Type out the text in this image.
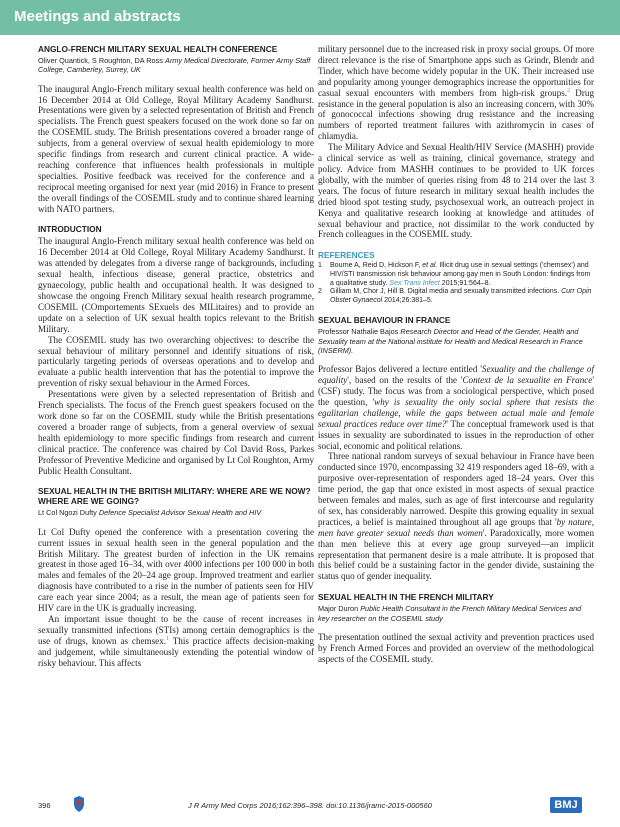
Meetings and abstracts
ANGLO-FRENCH MILITARY SEXUAL HEALTH CONFERENCE
Oliver Quantick, S Roughton, DA Ross Army Medical Directorate, Former Army Staff College, Camberley, Surrey, UK

The inaugural Anglo-French military sexual health conference was held on 16 December 2014 at Old College, Royal Military Academy Sandhurst. Presentations were given by a selected representation of British and French specialists. The French guest speakers focused on the work done so far on the COSEMIL study. The British presentations covered a broader range of subjects, from a general overview of sexual health epidemiology to more specific findings from research and current clinical practice. A wide-reaching conference that influences health professionals in multiple specialties. Positive feedback was received for the conference and a reciprocal meeting organised for next year (mid 2016) in France to present the overall findings of the COSEMIL study and to continue shared learning with NATO partners.

INTRODUCTION

The inaugural Anglo-French military sexual health conference was held on 16 December 2014 at Old College, Royal Military Academy Sandhurst. It was attended by delegates from a diverse range of backgrounds, including sexual health, infectious disease, general practice, obstetrics and gynaecology, public health and occupational health. It was designed to showcase the ongoing French Military sexual health research programme, COSEMIL (COmportements SExuels des MILitaires) and to provide an update on a selection of UK sexual health topics relevant to the British Military.

The COSEMIL study has two overarching objectives: to describe the sexual behaviour of military personnel and identify situations of risk, particularly targeting periods of overseas operations and to develop and evaluate a public health intervention that has the potential to improve the prevention of risky sexual behaviour in the Armed Forces.

Presentations were given by a selected representation of British and French specialists. The focus of the French guest speakers focused on the work done so far on the COSEMIL study while the British presentations covered a broader range of subjects, from a general overview of sexual health epidemiology to more specific findings from research and current clinical practice. The conference was chaired by Col David Ross, Parkes Professor of Preventive Medicine and organised by Lt Col Roughton, Army Public Health Consultant.

SEXUAL HEALTH IN THE BRITISH MILITARY: WHERE ARE WE NOW? WHERE ARE WE GOING?
Lt Col Ngozi Dufty Defence Specialist Advisor Sexual Health and HIV

Lt Col Dufty opened the conference with a presentation covering the current issues in sexual health seen in the general population and the British Military. The greatest burden of infection in the UK remains greatest in those aged 16–34, with over 4000 infections per 100 000 in both males and females of the 20–24 age group. Improved treatment and earlier diagnosis have contributed to a rise in the number of patients seen for HIV care each year since 2004; as a result, the mean age of patients seen for HIV care in the UK is gradually increasing.

An important issue thought to be the cause of recent increases in sexually transmitted infections (STIs) among certain demographics is the use of drugs, known as chemsex.$^1$ This practice affects decision-making and judgement, while simultaneously extending the potential window of risky behaviour. This affects

military personnel due to the increased risk in proxy social groups. Of more direct relevance is the rise of Smartphone apps such as Grindr, Blendr and Tinder, which have become widely popular in the UK. Their increased use and popularity among younger demographics increase the opportunities for casual sexual encounters with members from high-risk groups.$^2$ Drug resistance in the general population is also an increasing concern, with 30% of gonococcal infections showing drug resistance and the increasing numbers of reported treatment failures with azithromycin in cases of chlamydia.

The Military Advice and Sexual Health/HIV Service (MASHH) provide a clinical service as well as training, clinical governance, strategy and policy. Advice from MASHH continues to be provided to UK forces globally, with the number of queries rising from 48 to 214 over the last 3 years. The focus of future research in military sexual health includes the dried blood spot testing study, psychosexual work, an outreach project in Kenya and qualitative research looking at knowledge and attitudes of sexual behaviour and practice, not dissimilar to the work conducted by French colleagues in the COSEMIL study.

REFERENCES
1	Bourne A, Reid D, Hickson F, et al. Illicit drug use in sexual settings ('chemsex') and HIV/STI transmission risk behaviour among gay men in South London: findings from a qualitative study. Sex Trans Infect 2015;91:564–8.
2	Gilliam M, Chor J, Hill B. Digital media and sexually transmitted infections. Curr Opin Obstet Gynaecol 2014;26:381–5.
SEXUAL BEHAVIOUR IN FRANCE
Professor Nathalie Bajos Research Director and Head of the Gender, Health and Sexuality team at the National institute for Health and Medical Research in France (INSERM).

Professor Bajos delivered a lecture entitled 'Sexuality and the challenge of equality', based on the results of the 'Context de la sexualite en France' (CSF) study. The focus was from a sociological perspective, which posed the question, 'why is sexuality the only social sphere that resists the egalitarian challenge, while the gaps between actual male and female sexual practices reduce over time?' The conceptual framework used is that issues in sexuality are subordinated to issues in the reproduction of other social, economic and political relations.

Three national random surveys of sexual behaviour in France have been conducted since 1970, encompassing 32 419 responders aged 18–69, with a purposive over-representation of responders aged 18–24 years. Over this time period, the gap that once existed in most aspects of sexual practice between females and males, such as age of first intercourse and regularity of sex, has considerably narrowed. Despite this growing equality in sexual practices, a belief is maintained throughout all age groups that 'by nature, men have greater sexual needs than women'. Paradoxically, more women than men believe this at every age group surveyed—an implicit representation that permanent desire is a male attribute. It is proposed that this belief could be a sustaining factor in the gender divide, sustaining the status quo of gender inequality.

SEXUAL HEALTH IN THE FRENCH MILITARY
Major Duron Public Health Consultant in the French Military Medical Services and key researcher on the COSEMIL study

The presentation outlined the sexual activity and prevention practices used by French Armed Forces and provided an overview of the methodological aspects of the COSEMIL study.

396	J R Army Med Corps 2016;162:396–398. doi:10.1136/jramc-2015-000560	BMJ
